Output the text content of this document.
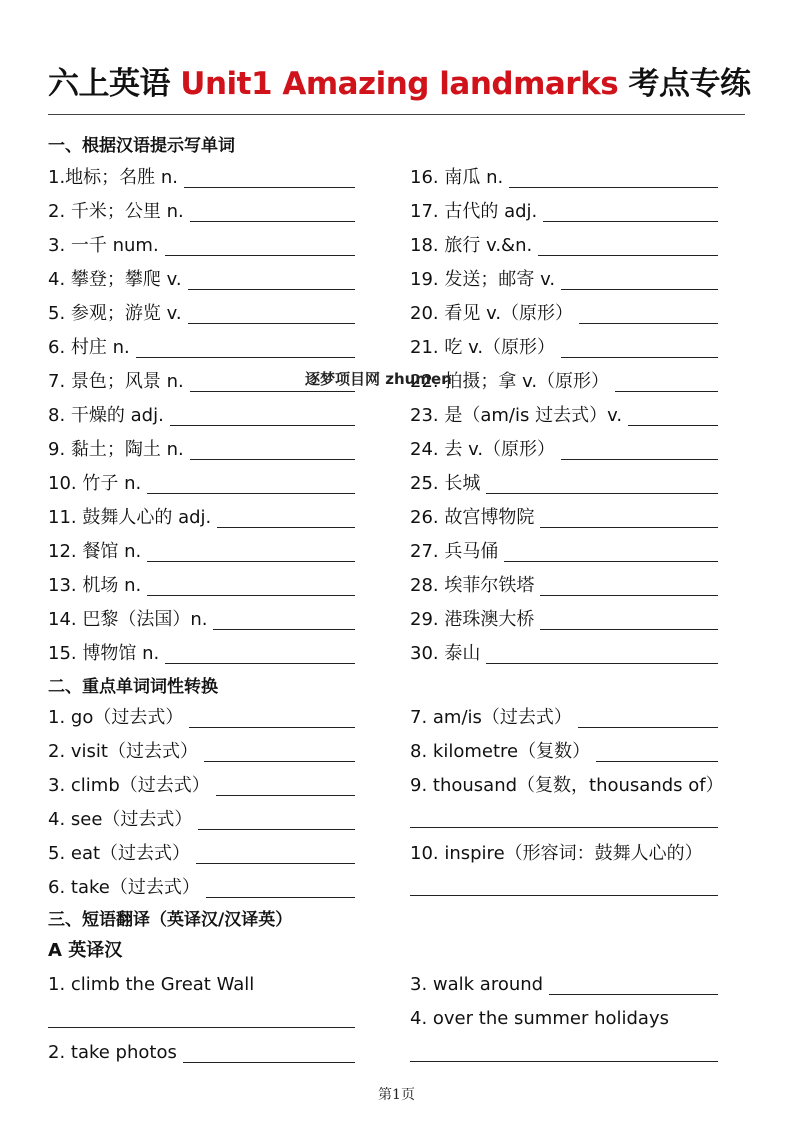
六上英语 Unit1 Amazing landmarks 考点专练
一、根据汉语提示写单词
1.地标；名胜 n.
2. 千米；公里 n.
3. 一千 num.
4. 攀登；攀爬 v.
5. 参观；游览 v.
6. 村庄 n.
7. 景色；风景 n.
8. 干燥的 adj.
9. 黏土；陶土 n.
10. 竹子 n.
11. 鼓舞人心的 adj.
12. 餐馆 n.
13. 机场 n.
14. 巴黎（法国）n.
15. 博物馆 n.
16. 南瓜 n.
17. 古代的 adj.
18. 旅行 v.&n.
19. 发送；邮寄 v.
20. 看见 v.（原形）
21. 吃 v.（原形）
22. 拍摄；拿 v.（原形）
23. 是（am/is 过去式）v.
24. 去 v.（原形）
25. 长城
26. 故宫博物院
27. 兵马俑
28. 埃菲尔铁塔
29. 港珠澳大桥
30. 泰山
逐梦项目网 zhumen
二、重点单词词性转换
1. go（过去式）
2. visit（过去式）
3. climb（过去式）
4. see（过去式）
5. eat（过去式）
6. take（过去式）
7. am/is（过去式）
8. kilometre（复数）
9. thousand（复数，thousands of）
10. inspire（形容词：鼓舞人心的）
三、短语翻译（英译汉/汉译英）
A 英译汉
1. climb the Great Wall
2. take photos
3. walk around
4. over the summer holidays
第1页
